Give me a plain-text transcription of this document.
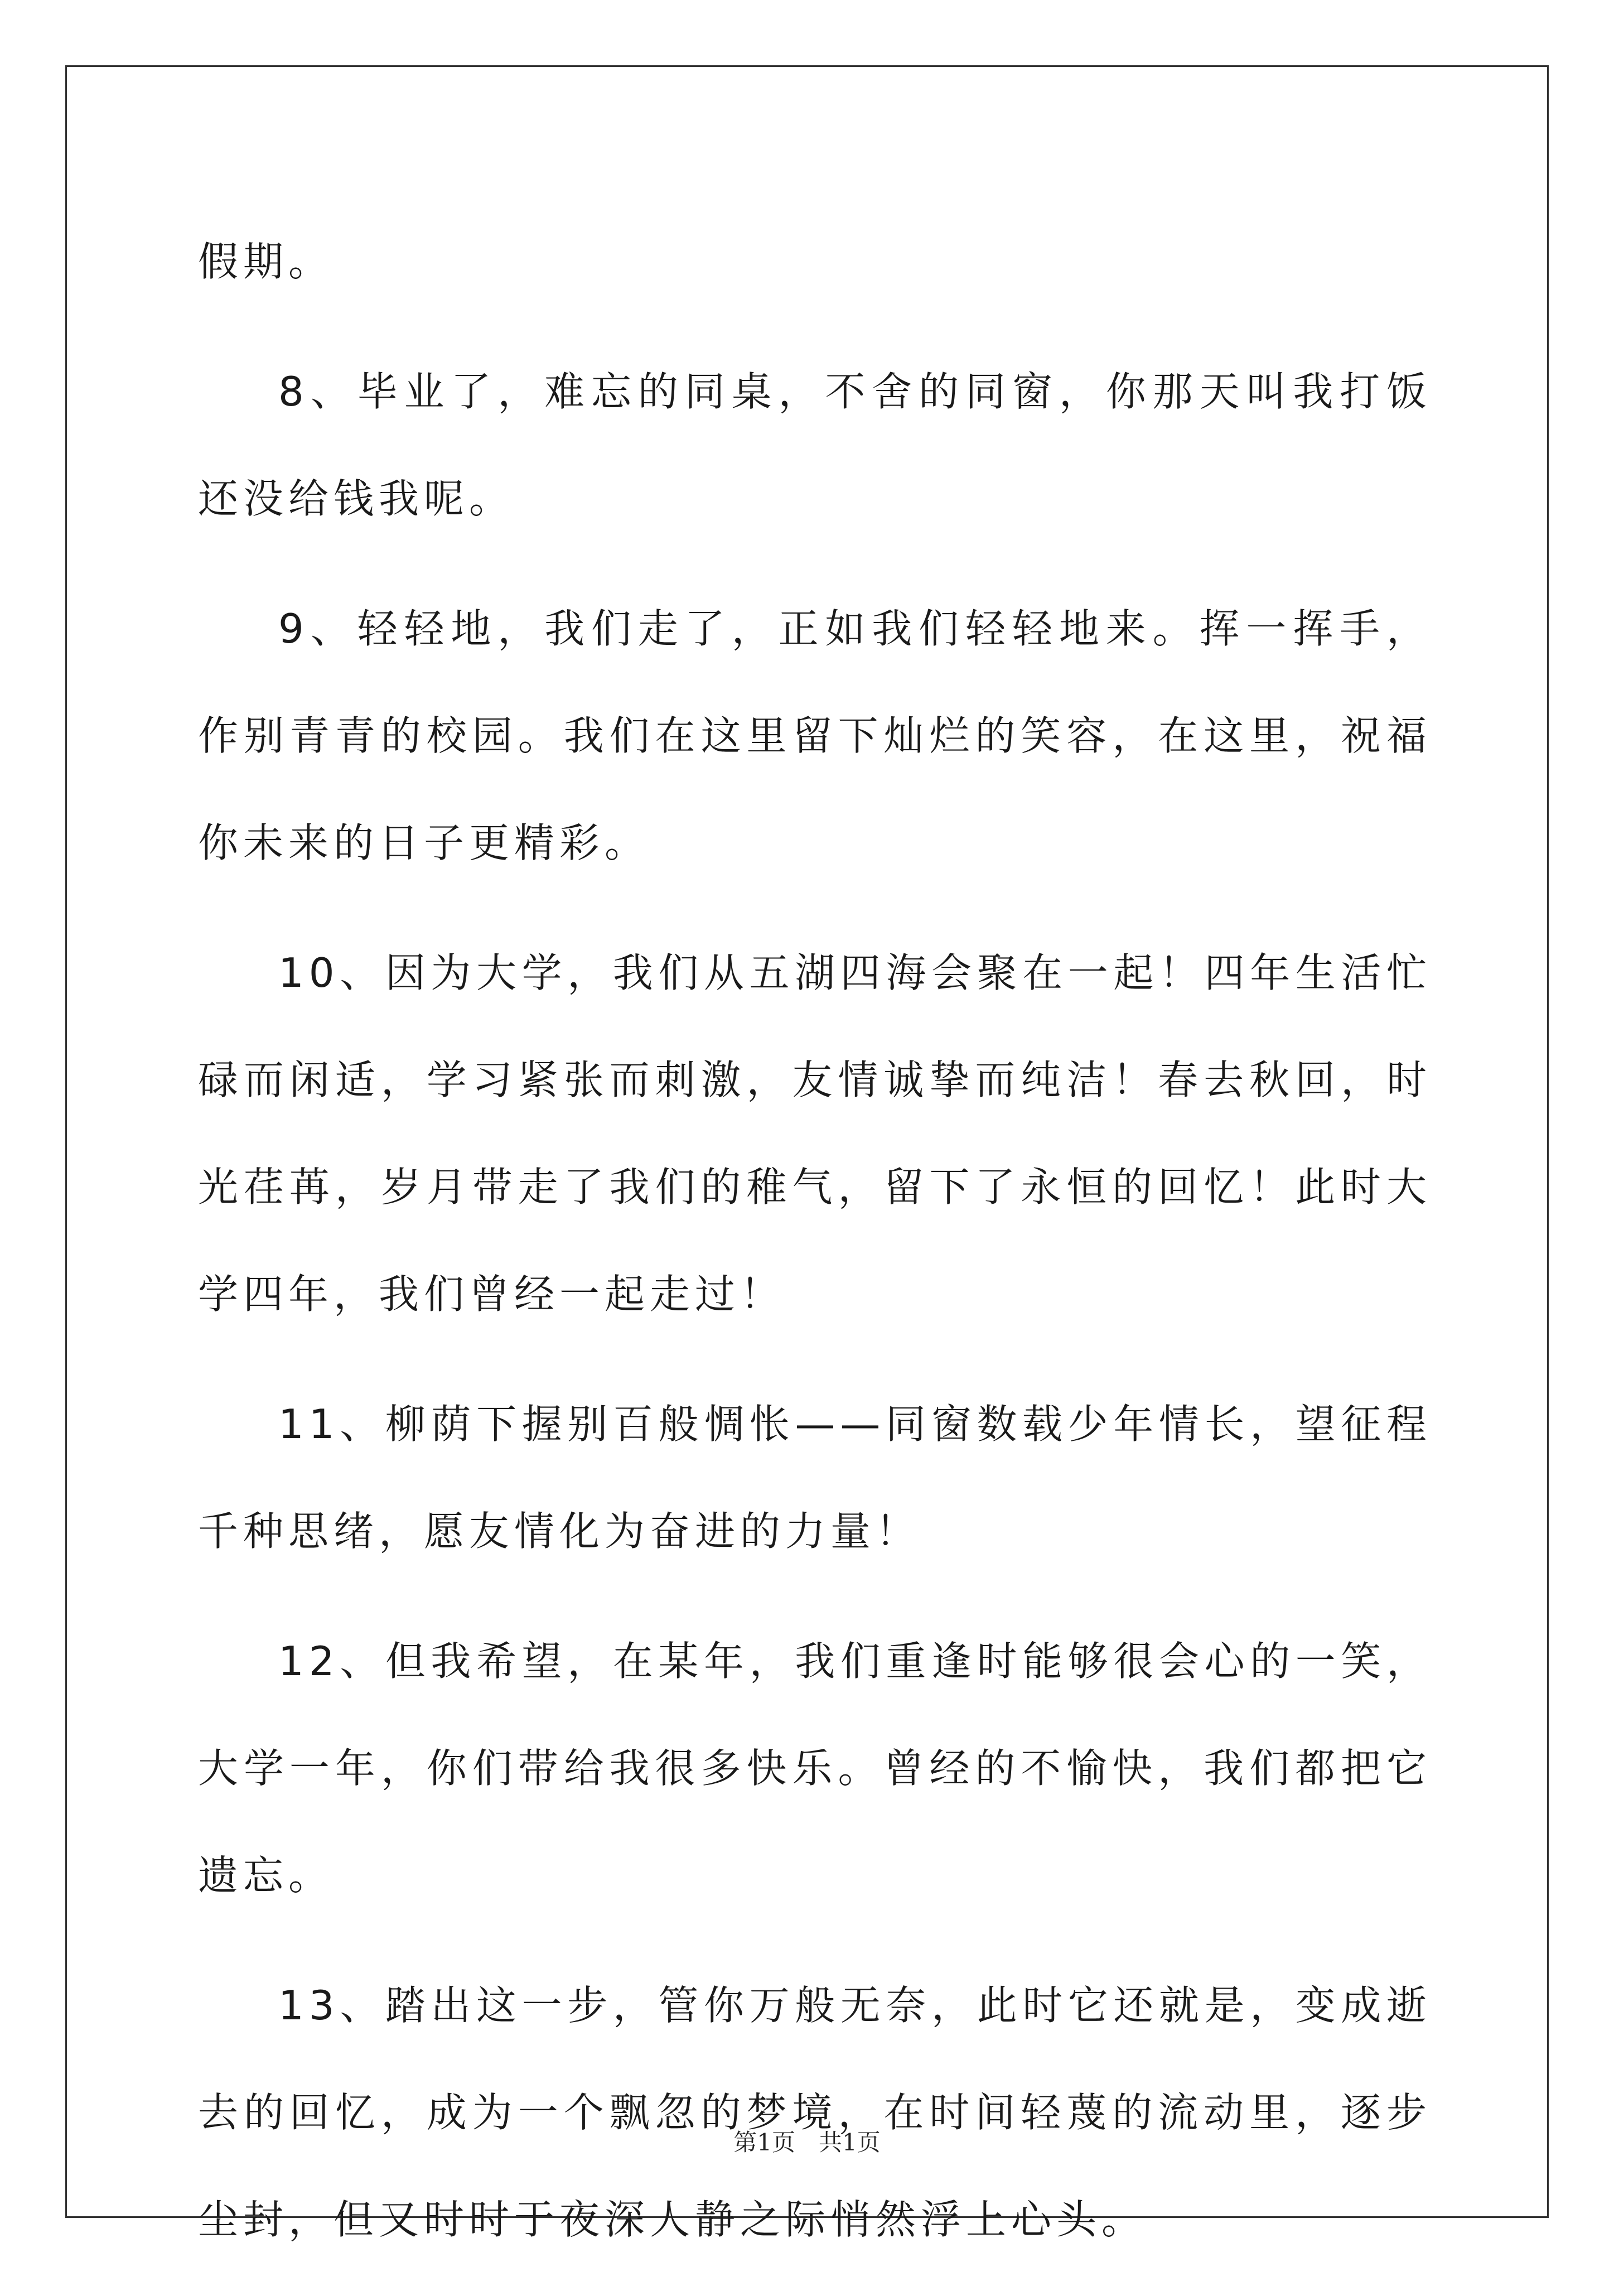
假期。

8、毕业了，难忘的同桌，不舍的同窗，你那天叫我打饭还没给钱我呢。

9、轻轻地，我们走了，正如我们轻轻地来。挥一挥手，作别青青的校园。我们在这里留下灿烂的笑容，在这里，祝福你未来的日子更精彩。

10、因为大学，我们从五湖四海会聚在一起！四年生活忙碌而闲适，学习紧张而刺激，友情诚挚而纯洁！春去秋回，时光荏苒，岁月带走了我们的稚气，留下了永恒的回忆！此时大学四年，我们曾经一起走过！

11、柳荫下握别百般惆怅——同窗数载少年情长，望征程千种思绪，愿友情化为奋进的力量！

12、但我希望，在某年，我们重逢时能够很会心的一笑，大学一年，你们带给我很多快乐。曾经的不愉快，我们都把它遗忘。

13、踏出这一步，管你万般无奈，此时它还就是，变成逝去的回忆，成为一个飘忽的梦境，在时间轻蔑的流动里，逐步尘封，但又时时于夜深人静之际悄然浮上心头。

第1页 共1页
